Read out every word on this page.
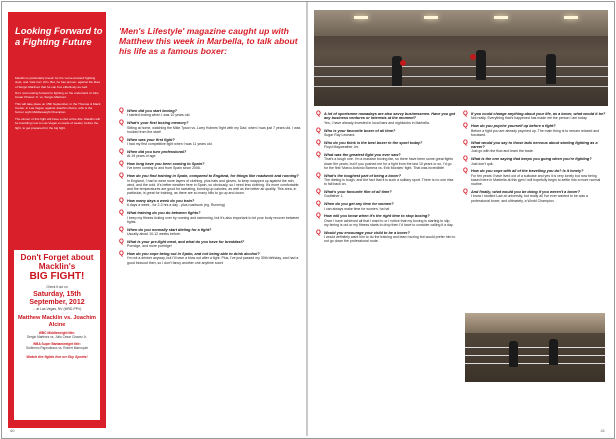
Looking Forward to a Fighting Future

Macklin is particularly known for his 'come-forward' fighting style, and 'cast iron' chin. But, he has proven, against the likes of Sergio Martinez that he can box effectively as well.

He's now looking forward to fighting on the undercard of Julio Cesar Chavez Jr. vs. Sergio Martinez.

This will take place on 15th September, in the Thomas & Mack Center, in Las Vegas, against Joachim Alcine, who is the former Light Middleweight Champion.

The winner of this fight will have a shot at the title. Macklin will be travelling now to Las Vegas a couple of weeks, before the fight, to get prepared for the big fight.

Don't Forget about Macklin's
BIG FIGHT!
Check it out on
Saturday, 15th September, 2012
... at Las Vegas, NV (MRD-PPV)
Matthew Macklin vs. Joachim Alcine
WBC Middleweight title:
Sergio Martinez vs. Julio Cesar Chavez Jr.
WBA Super Bantamweight title:
Guillermo Rigondeaux vs. Robert Marroquin
Watch the fights live on Sky Sports!
'Men's Lifestyle' magazine caught up with Matthew this week in Marbella, to talk about his life as a famous boxer:
Q When did you start boxing?
I started boxing when I was 10 years old.
Q What's your first boxing memory?
Sitting at home, watching the Mike Tyson vs. Larry Holmes' fight with my Dad, when I was just 7 years old. I was hooked from the start!
Q When was your first fight?
I had my first competitive fight when I was 11 years old.
Q When did you turn professional?
At 19 years of age.
Q How long have you been coming to Spain?
I've been coming to and from Spain since 2006.
Q How do you find training in Spain, compared to England, for things like roadwork and running?
In England, I had to wear more layers of clothing, plus hats and gloves, to keep wrapped up against the rain, wind, and the cold. It's better weather here in Spain, so obviously, so I need less clothing. It's more comfortable, and the temperatures are good for sweating, burning up calories, as well as the better air quality. This area, in particular, is great for training, as there are so many hills to go up and down.
Q How many days a week do you train?
6 days a week - for 2-3 hrs a day - plus roadwork (eg. Running)
Q What training do you do between fights?
I keep my fitness ticking over by running and swimming, but it's also important to let your body recover between fights.
Q When do you normally start dieting for a fight?
Usually about 10-12 weeks before.
Q What is your pre-fight meal, and what do you have for breakfast?
Porridge, and more porridge!
Q How do you cope being out in Spain, and not being able to drink alcohol?
I'm not a drinker anyway, but I'll have a blow out after a fight. Plus, I've just passed my 30th birthday, and had a good blowout then, so I don't fancy another one anytime soon!
40
Q A lot of sportsmen nowadays are also savvy businessmen. Have you got any business ventures or interests at the moment?
Yes, I have already invested in local bars and nightclubs in Marbella.
Q Who is your favourite boxer of all time?
Sugar Ray Leonard.
Q Who do you think is the best boxer in the sport today?
Floyd Mayweather Jnr.
Q What was the greatest fight you ever saw?
That's a tough one. I'm a massive boxing fan, so there have been some great fights down the years, but if you pushed me for a fight from the last 10 years or so, I'd go for the first 'Marco Antonio Barrera vs. Erik Morales' fight. That was incredible!
Q What's the toughest part of being a boxer?
The dieting is tough, and the fact that it is such a solitary sport. There is no one else to fall back on.
Q What's your favourite film of all time?
Godfather 1.
Q When do you get any time for women?
I can always make time for women, ha ha!
Q How will you know when it's the right time to stop boxing?
Once I have achieved all that I want to or I notice that my boxing is starting to slip, my timing is out or my fitness starts to drop then I'd have to consider calling it a day.
Q Would you encourage your child to be a boxer?
I would definitely want him to do the training and learn boxing but would prefer him to not go down the professional route.
Q If you could change anything about your life, as a boxer, what would it be?
Not really. Everything that's happened has made me the person I am today.
Q How do you psyche yourself up before a fight?
Before a fight you are already psyched up. The main thing is to remain relaxed and focussed.
Q What would you say to those lads nervous about starting fighting as a career?
Just go with the flow and learn the trade.
Q What is the one saying that keeps you going when you're fighting?
Just don't quit.
Q How do you cope with all of the travelling you do? Is it lonely?
For ten years I have lived out of a suitcase and yes it is very lonely but now being based here in Marbella at this gym I will hopefully begin to settle into a more normal routine.
Q And finally, what would you be doing if you weren't a boxer?
I know I studied Law at university, but really all I've ever wanted to be was a professional boxer, and ultimately, a World Champion.
41
